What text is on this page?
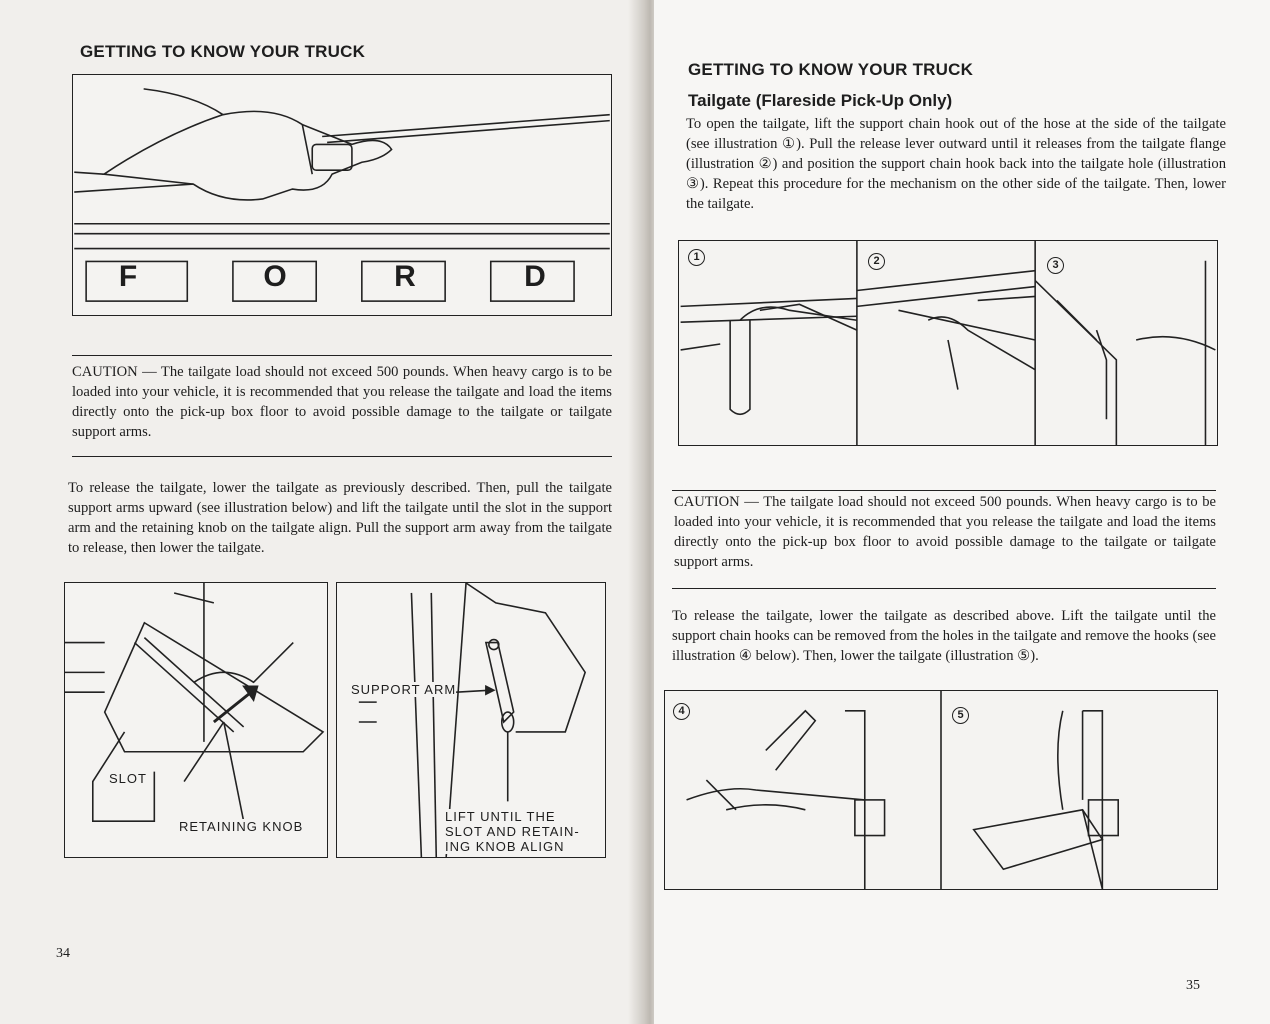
GETTING TO KNOW YOUR TRUCK
F	O	R	D

CAUTION — The tailgate load should not exceed 500 pounds. When heavy cargo is to be loaded into your vehicle, it is recommended that you release the tailgate and load the items directly onto the pick-up box floor to avoid possible damage to the tailgate or tailgate support arms.

To release the tailgate, lower the tailgate as previously described. Then, pull the tailgate support arms upward (see illustration below) and lift the tailgate until the slot in the support arm and the retaining knob on the tailgate align. Pull the support arm away from the tailgate to release, then lower the tailgate.

SLOT
RETAINING KNOB
SUPPORT ARM
LIFT UNTIL THE
SLOT AND RETAIN-
ING KNOB ALIGN
34
GETTING TO KNOW YOUR TRUCK
Tailgate (Flareside Pick-Up Only)

To open the tailgate, lift the support chain hook out of the hose at the side of the tailgate (see illustration ①). Pull the release lever outward until it releases from the tailgate flange (illustration ②) and position the support chain hook back into the tailgate hole (illustration ③). Repeat this procedure for the mechanism on the other side of the tailgate. Then, lower the tailgate.

1	2	3

CAUTION — The tailgate load should not exceed 500 pounds. When heavy cargo is to be loaded into your vehicle, it is recommended that you release the tailgate and load the items directly onto the pick-up box floor to avoid possible damage to the tailgate or tailgate support arms.

To release the tailgate, lower the tailgate as described above. Lift the tailgate until the support chain hooks can be removed from the holes in the tailgate and remove the hooks (see illustration ④ below). Then, lower the tailgate (illustration ⑤).

4	5
35
